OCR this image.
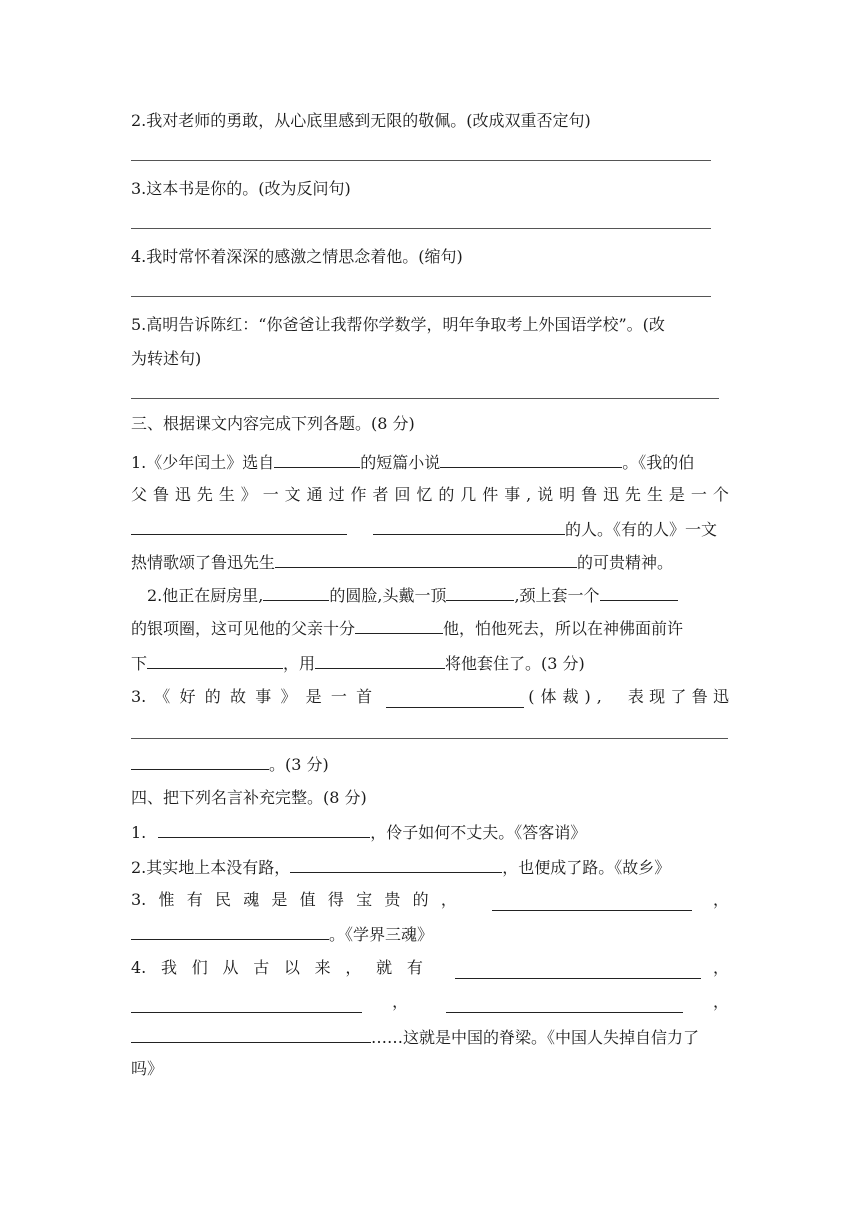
2.我对老师的勇敢，从心底里感到无限的敬佩。(改成双重否定句)
3.这本书是你的。(改为反问句)
4.我时常怀着深深的感激之情思念着他。(缩句)
5.高明告诉陈红：“你爸爸让我帮你学数学，明年争取考上外国语学校”。(改
为转述句)
三、根据课文内容完成下列各题。(8 分)
1.《少年闰土》选自	的短篇小说	。《我的伯
父 鲁 迅 先 生 》 一 文 通 过 作 者 回 忆 的 几 件 事 , 说 明 鲁 迅 先 生 是 一 个
的人。《有的人》一文
热情歌颂了鲁迅先生	的可贵精神。
2.他正在厨房里,	的圆脸,头戴一顶	,颈上套一个
的银项圈，这可见他的父亲十分	他，怕他死去，所以在神佛面前许
下	，用	将他套住了。(3 分)
3. 《 好 的 故 事 》 是 一 首	(体裁), 表 现 了 鲁 迅
。(3 分)
四、把下列名言补充完整。(8 分)
1.	，伶子如何不丈夫。《答客诮》
2.其实地上本没有路，	，也便成了路。《故乡》
3. 惟 有 民 魂 是 值 得 宝 贵 的 ，	，
。《学界三魂》
4. 我 们 从 古 以 来 ， 就 有	，
，	，
……这就是中国的脊梁。《中国人失掉自信力了
吗》
